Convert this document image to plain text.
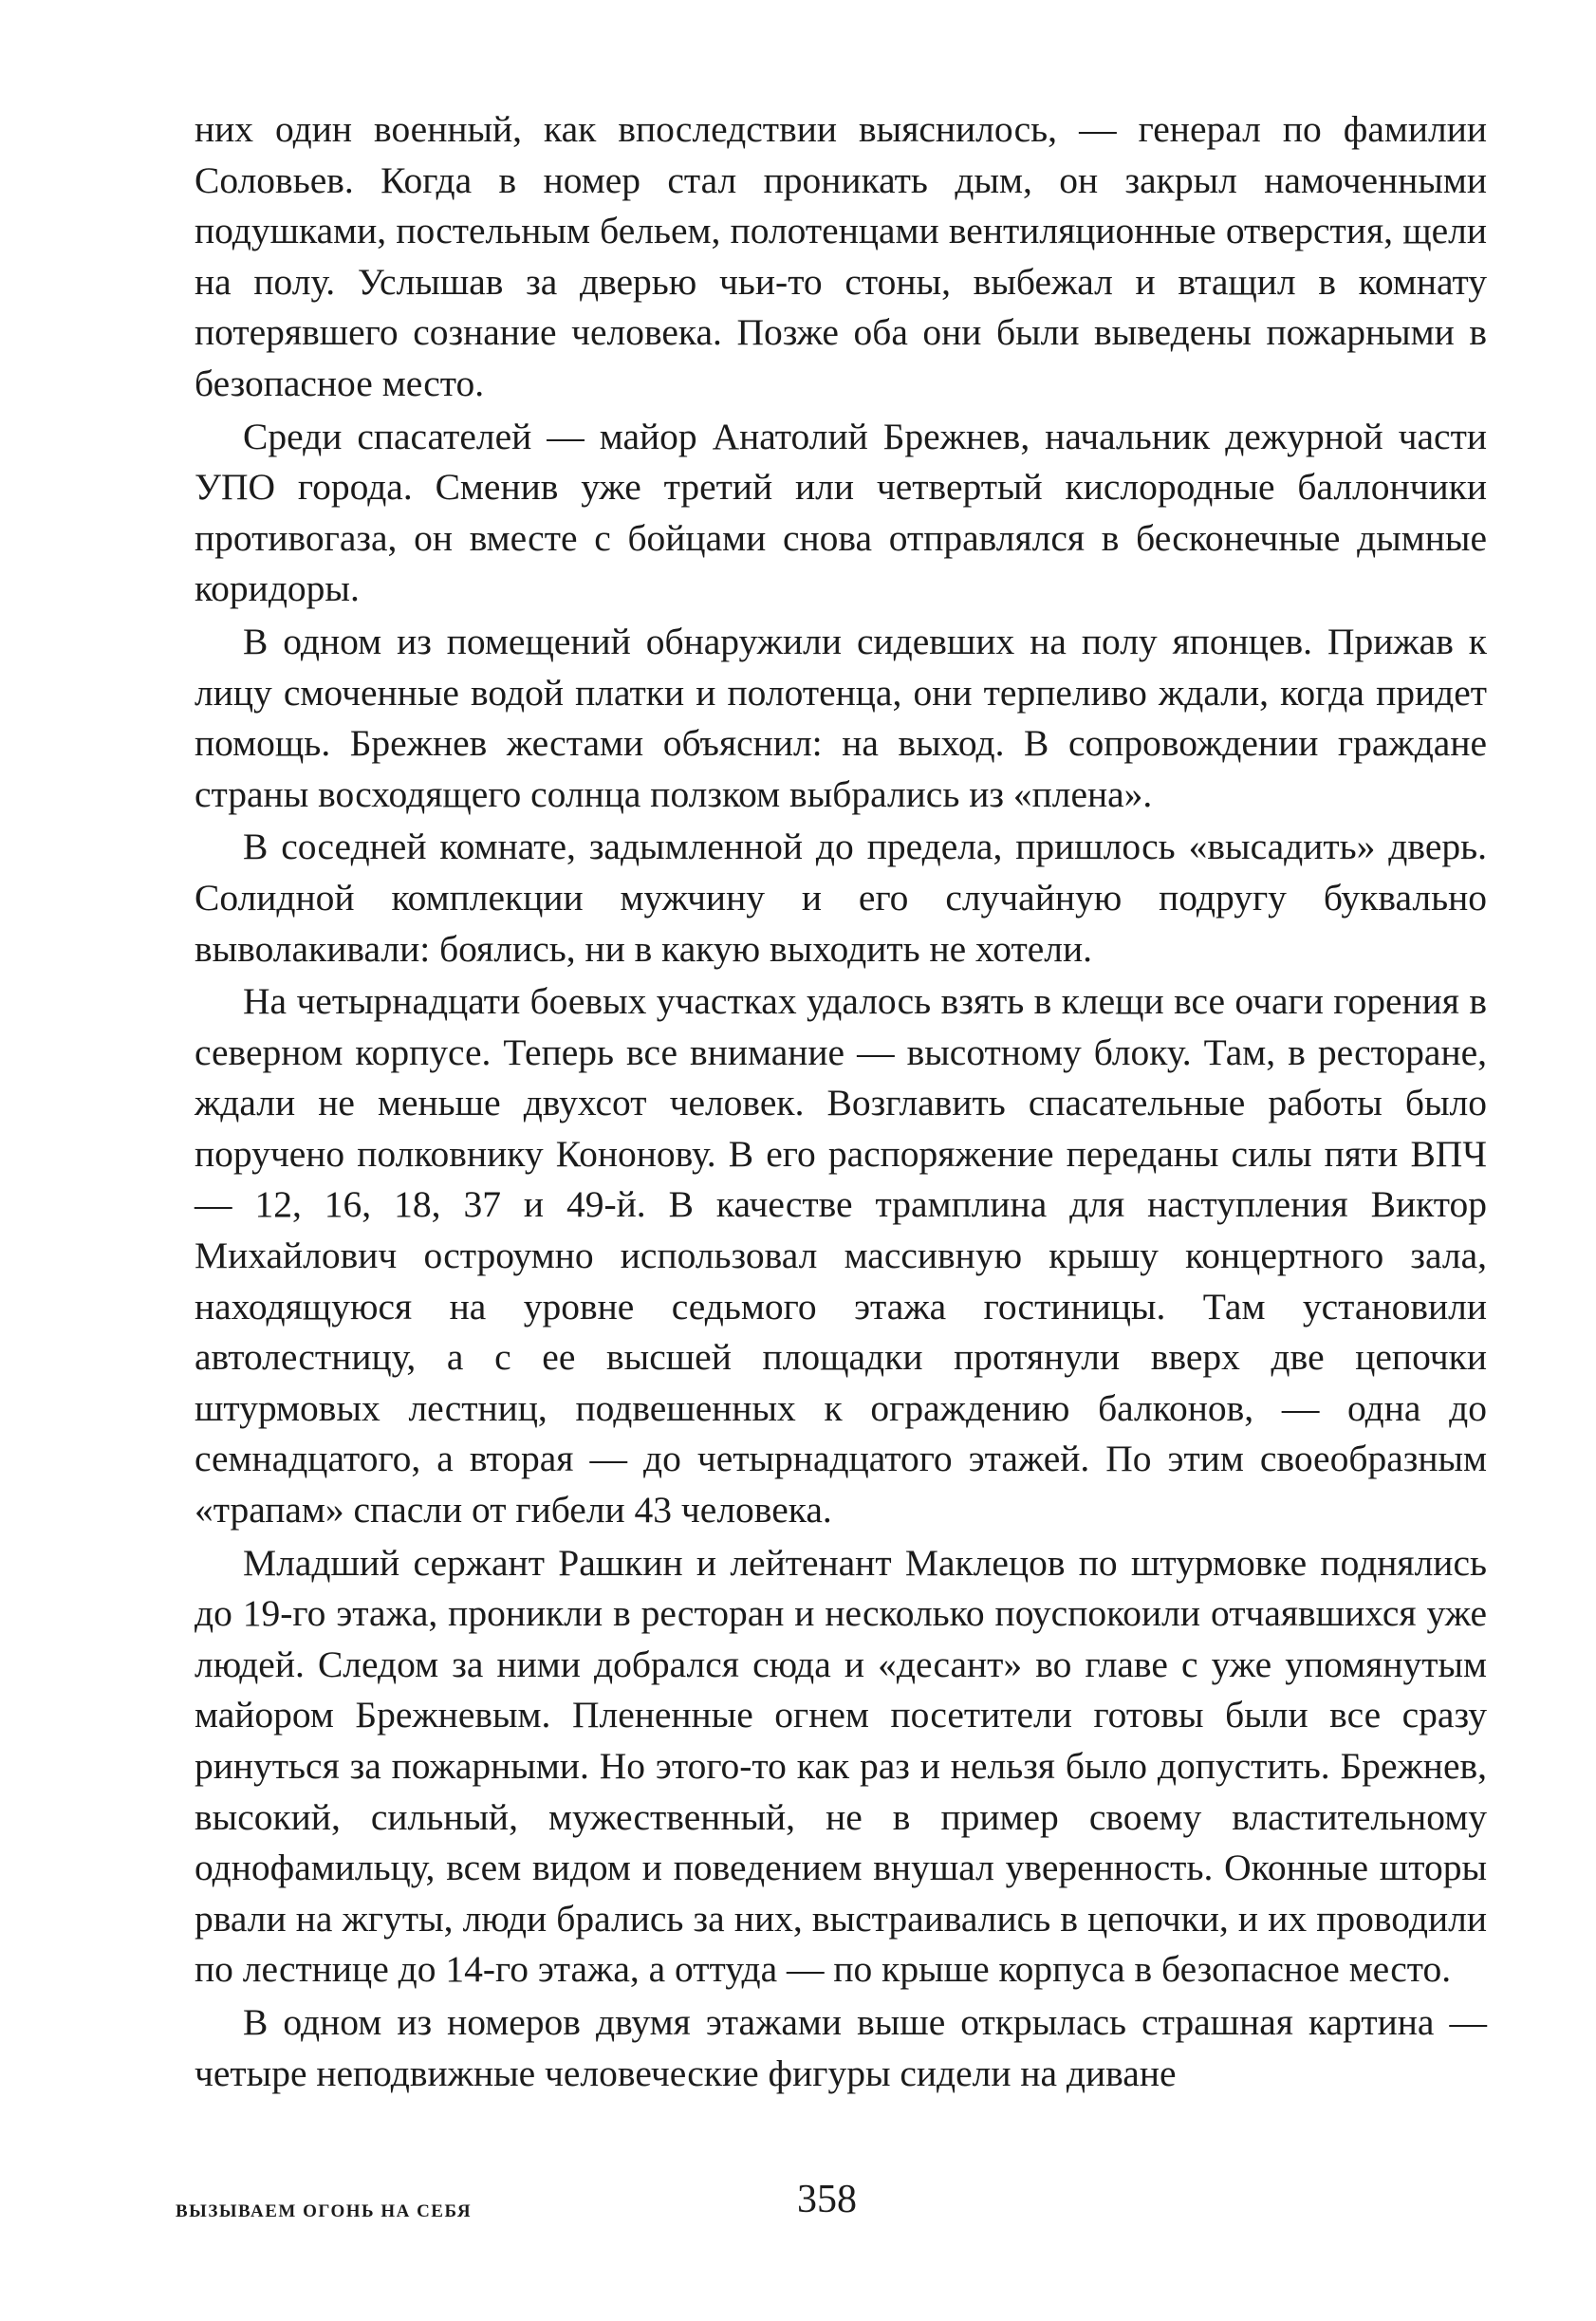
них один военный, как впоследствии выяснилось, — генерал по фамилии Соловьев. Когда в номер стал проникать дым, он закрыл намоченными подушками, постельным бельем, полотенцами вентиляционные отверстия, щели на полу. Услышав за дверью чьи-то стоны, выбежал и втащил в комнату потерявшего сознание человека. Позже оба они были выведены пожарными в безопасное место.

Среди спасателей — майор Анатолий Брежнев, начальник дежурной части УПО города. Сменив уже третий или четвертый кислородные баллончики противогаза, он вместе с бойцами снова отправлялся в бесконечные дымные коридоры.

В одном из помещений обнаружили сидевших на полу японцев. Прижав к лицу смоченные водой платки и полотенца, они терпеливо ждали, когда придет помощь. Брежнев жестами объяснил: на выход. В сопровождении граждане страны восходящего солнца ползком выбрались из «плена».

В соседней комнате, задымленной до предела, пришлось «высадить» дверь. Солидной комплекции мужчину и его случайную подругу буквально выволакивали: боялись, ни в какую выходить не хотели.

На четырнадцати боевых участках удалось взять в клещи все очаги горения в северном корпусе. Теперь все внимание — высотному блоку. Там, в ресторане, ждали не меньше двухсот человек. Возглавить спасательные работы было поручено полковнику Кононову. В его распоряжение переданы силы пяти ВПЧ — 12, 16, 18, 37 и 49-й. В качестве трамплина для наступления Виктор Михайлович остроумно использовал массивную крышу концертного зала, находящуюся на уровне седьмого этажа гостиницы. Там установили автолестницу, а с ее высшей площадки протянули вверх две цепочки штурмовых лестниц, подвешенных к ограждению балконов, — одна до семнадцатого, а вторая — до четырнадцатого этажей. По этим своеобразным «трапам» спасли от гибели 43 человека.

Младший сержант Рашкин и лейтенант Маклецов по штурмовке поднялись до 19-го этажа, проникли в ресторан и несколько поуспокоили отчаявшихся уже людей. Следом за ними добрался сюда и «десант» во главе с уже упомянутым майором Брежневым. Плененные огнем посетители готовы были все сразу ринуться за пожарными. Но этого-то как раз и нельзя было допустить. Брежнев, высокий, сильный, мужественный, не в пример своему властительному однофамильцу, всем видом и поведением внушал уверенность. Оконные шторы рвали на жгуты, люди брались за них, выстраивались в цепочки, и их проводили по лестнице до 14-го этажа, а оттуда — по крыше корпуса в безопасное место.

В одном из номеров двумя этажами выше открылась страшная картина — четыре неподвижные человеческие фигуры сидели на диване

ВЫЗЫВАЕМ ОГОНЬ НА СЕБЯ	358
